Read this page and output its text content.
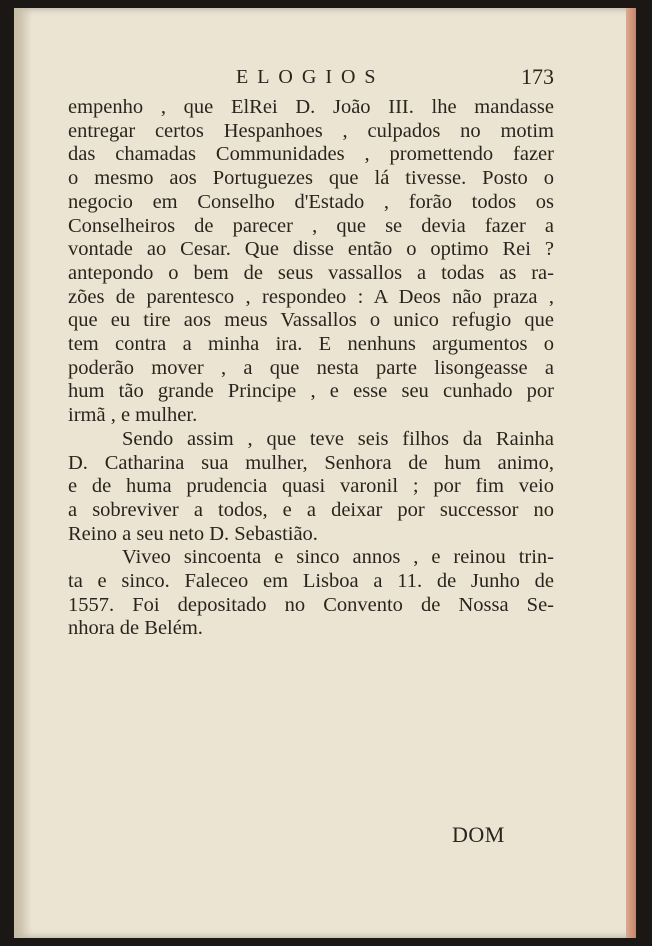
ELOGIOS	173
empenho , que ElRei D. João III. lhe mandasse
entregar certos Hespanhoes , culpados no motim
das chamadas Communidades , promettendo fazer
o mesmo aos Portuguezes que lá tivesse. Posto o
negocio em Conselho d'Estado , forão todos os
Conselheiros de parecer , que se devia fazer a
vontade ao Cesar. Que disse então o optimo Rei ?
antepondo o bem de seus vassallos a todas as ra-
zões de parentesco , respondeo : A Deos não praza ,
que eu tire aos meus Vassallos o unico refugio que
tem contra a minha ira. E nenhuns argumentos o
poderão mover , a que nesta parte lisongeasse a
hum tão grande Principe , e esse seu cunhado por
irmã , e mulher.
Sendo assim , que teve seis filhos da Rainha
D. Catharina sua mulher, Senhora de hum animo,
e de huma prudencia quasi varonil ; por fim veio
a sobreviver a todos, e a deixar por successor no
Reino a seu neto D. Sebastião.
Viveo sincoenta e sinco annos , e reinou trin-
ta e sinco. Faleceo em Lisboa a 11. de Junho de
1557. Foi depositado no Convento de Nossa Se-
nhora de Belém.
DOM
